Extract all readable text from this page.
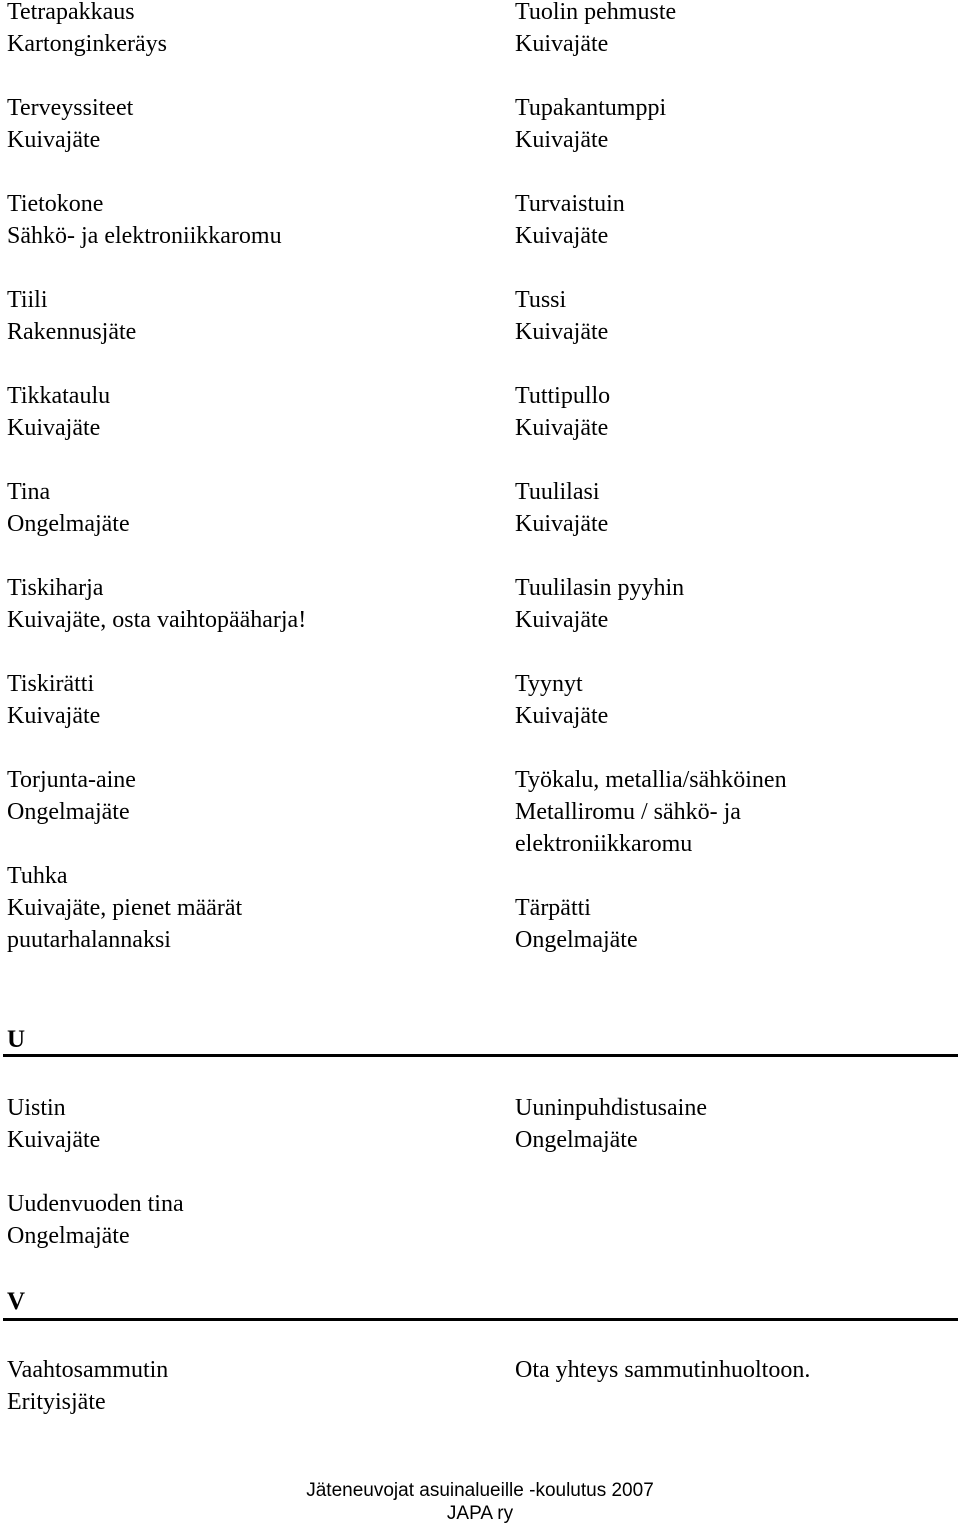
Tetrapakkaus
Kartonginkeräys
Terveyssiteet
Kuivajäte
Tietokone
Sähkö- ja elektroniikkaromu
Tiili
Rakennusjäte
Tikkataulu
Kuivajäte
Tina
Ongelmajäte
Tiskiharja
Kuivajäte, osta vaihtopääharja!
Tiskirätti
Kuivajäte
Torjunta-aine
Ongelmajäte
Tuhka
Kuivajäte, pienet määrät
puutarhalannaksi
Tuolin pehmuste
Kuivajäte
Tupakantumppi
Kuivajäte
Turvaistuin
Kuivajäte
Tussi
Kuivajäte
Tuttipullo
Kuivajäte
Tuulilasi
Kuivajäte
Tuulilasin pyyhin
Kuivajäte
Tyynyt
Kuivajäte
Työkalu, metallia/sähköinen
Metalliromu / sähkö- ja
elektroniikkaromu
Tärpätti
Ongelmajäte
U
Uistin
Kuivajäte
Uudenvuoden tina
Ongelmajäte
Uuninpuhdistusaine
Ongelmajäte
V
Vaahtosammutin
Erityisjäte
Ota yhteys sammutinhuoltoon.
Jäteneuvojat asuinalueille -koulutus 2007
JAPA ry
